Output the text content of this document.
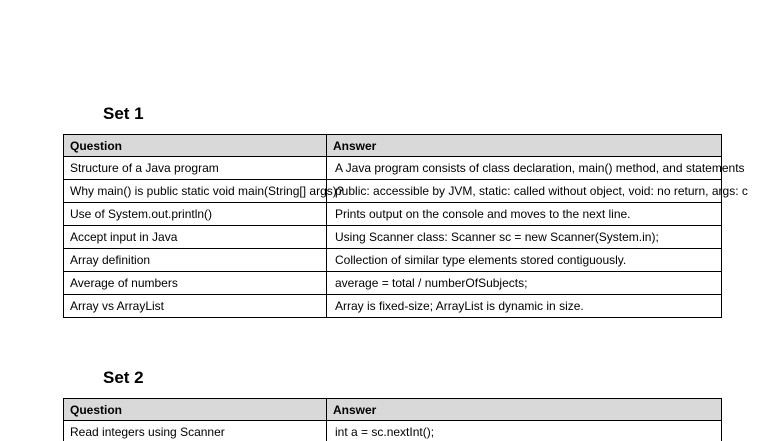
Set 1
Question	Answer
Structure of a Java program	A Java program consists of class declaration, main() method, and statements
Why main() is public static void main(String[] args)?	public: accessible by JVM, static: called without object, void: no return, args: c
Use of System.out.println()	Prints output on the console and moves to the next line.
Accept input in Java	Using Scanner class: Scanner sc = new Scanner(System.in);
Array definition	Collection of similar type elements stored contiguously.
Average of numbers	average = total / numberOfSubjects;
Array vs ArrayList	Array is fixed-size; ArrayList is dynamic in size.
Set 2
Question	Answer
Read integers using Scanner	int a = sc.nextInt();
